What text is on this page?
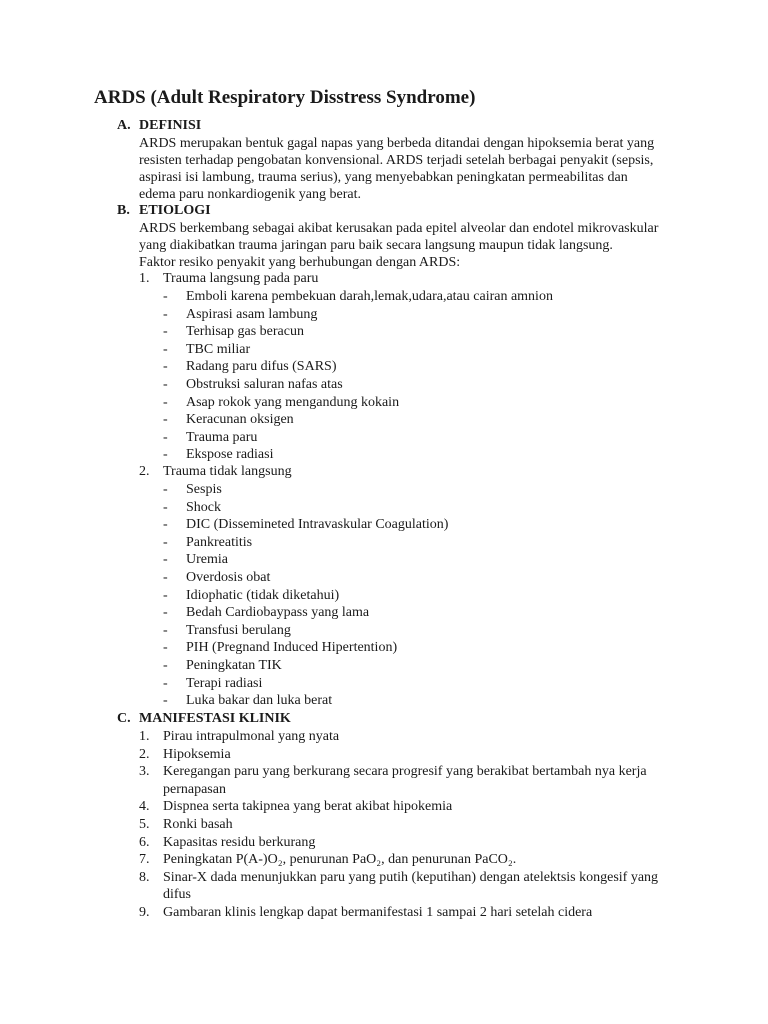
ARDS (Adult Respiratory Disstress Syndrome)
A. DEFINISI
ARDS merupakan bentuk gagal napas yang berbeda ditandai dengan hipoksemia berat yang
resisten terhadap pengobatan konvensional. ARDS terjadi setelah berbagai penyakit (sepsis,
aspirasi isi lambung, trauma serius), yang menyebabkan peningkatan permeabilitas dan
edema paru nonkardiogenik yang berat.
B. ETIOLOGI
ARDS berkembang sebagai akibat kerusakan pada epitel alveolar dan endotel mikrovaskular
yang diakibatkan trauma jaringan paru baik secara langsung maupun tidak langsung.
Faktor resiko penyakit yang berhubungan dengan ARDS:
1. Trauma langsung pada paru
- Emboli karena pembekuan darah,lemak,udara,atau cairan amnion
- Aspirasi asam lambung
- Terhisap gas beracun
- TBC miliar
- Radang paru difus (SARS)
- Obstruksi saluran nafas atas
- Asap rokok yang mengandung kokain
- Keracunan oksigen
- Trauma paru
- Ekspose radiasi
2. Trauma tidak langsung
- Sespis
- Shock
- DIC (Dissemineted Intravaskular Coagulation)
- Pankreatitis
- Uremia
- Overdosis obat
- Idiophatic (tidak diketahui)
- Bedah Cardiobaypass yang lama
- Transfusi berulang
- PIH (Pregnand Induced Hipertention)
- Peningkatan TIK
- Terapi radiasi
- Luka bakar dan luka berat
C. MANIFESTASI KLINIK
1. Pirau intrapulmonal yang nyata
2. Hipoksemia
3. Keregangan paru yang berkurang secara progresif yang berakibat bertambah nya kerja
pernapasan
4. Dispnea serta takipnea yang berat akibat hipokemia
5. Ronki basah
6. Kapasitas residu berkurang
7. Peningkatan P(A-)O₂, penurunan PaO₂, dan penurunan PaCO₂.
8. Sinar-X dada menunjukkan paru yang putih (keputihan) dengan atelektsis kongesif yang
difus
9. Gambaran klinis lengkap dapat bermanifestasi 1 sampai 2 hari setelah cidera
